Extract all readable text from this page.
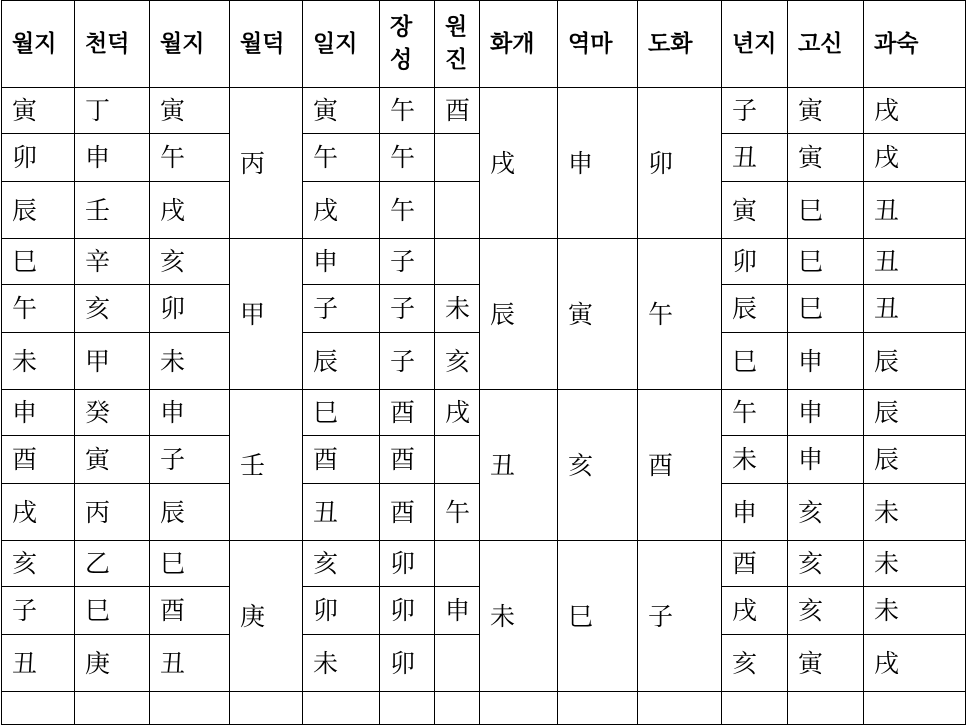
월지	천덕	월지	월덕	일지	장성	원진	화개	역마	도화	년지	고신	과숙
寅	丁	寅	丙	寅	午	酉	戌	申	卯	子	寅	戌
卯	申	午		午	午					丑	寅	戌
辰	壬	戌		戌	午					寅	巳	丑
巳	辛	亥	甲	申	子		辰	寅	午	卯	巳	丑
午	亥	卯		子	子	未				辰	巳	丑
未	甲	未		辰	子	亥				巳	申	辰
申	癸	申	壬	巳	酉	戌	丑	亥	酉	午	申	辰
酉	寅	子		酉	酉					未	申	辰
戌	丙	辰		丑	酉	午				申	亥	未
亥	乙	巳	庚	亥	卯		未	巳	子	酉	亥	未
子	巳	酉		卯	卯	申				戌	亥	未
丑	庚	丑		未	卯					亥	寅	戌
